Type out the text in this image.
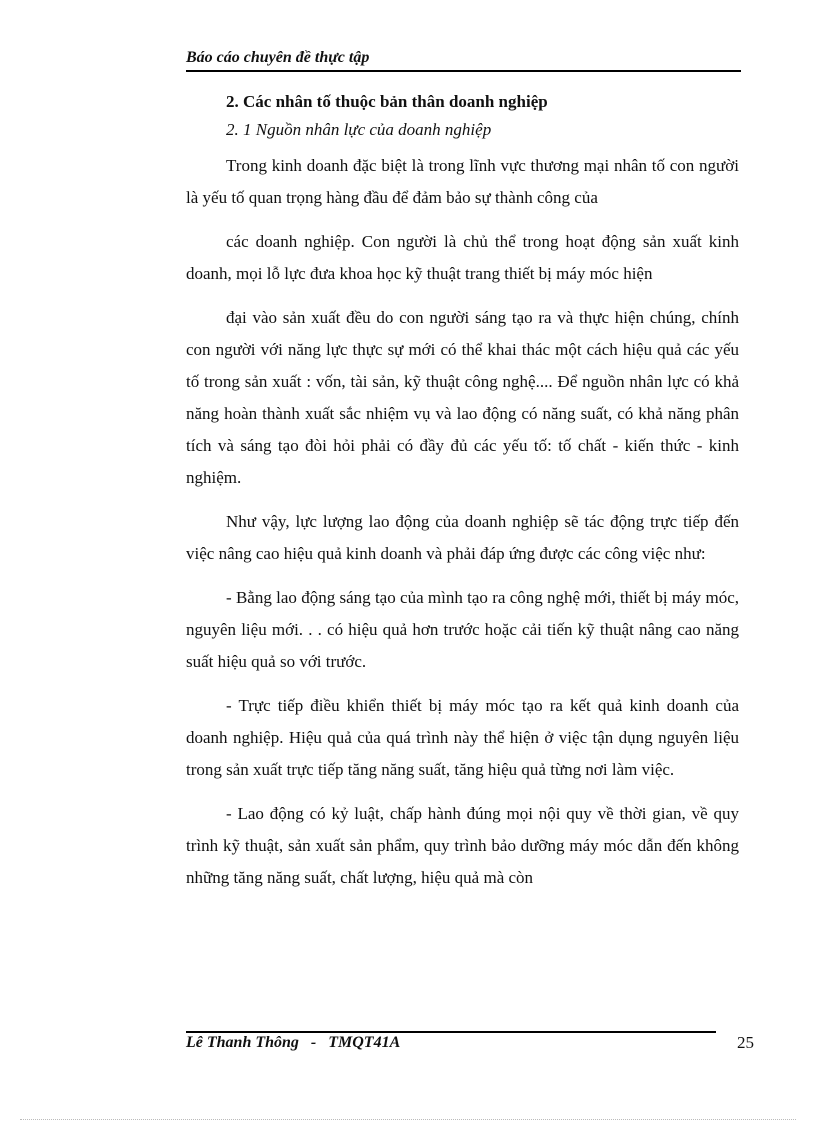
Báo cáo chuyên đề thực tập
2. Các nhân tố thuộc bản thân doanh nghiệp
2. 1 Nguồn nhân lực của doanh nghiệp

Trong kinh doanh đặc biệt là trong lĩnh vực thương mại nhân tố con người là yếu tố quan trọng hàng đầu để đảm bảo sự thành công của

các doanh nghiệp. Con người là chủ thể trong hoạt động sản xuất kinh doanh, mọi lỗ lực đưa khoa học kỹ thuật trang thiết bị máy móc hiện

đại vào sản xuất đều do con người sáng tạo ra và thực hiện chúng, chính con người với năng lực thực sự mới có thể khai thác một cách hiệu quả các yếu tố trong sản xuất : vốn, tài sản, kỹ thuật công nghệ.... Để nguồn nhân lực có khả năng hoàn thành xuất sắc nhiệm vụ và lao động có năng suất, có khả năng phân tích và sáng tạo đòi hỏi phải có đầy đủ các yếu tố: tố chất - kiến thức - kinh nghiệm.

Như vậy, lực lượng lao động của doanh nghiệp sẽ tác động trực tiếp đến việc nâng cao hiệu quả kinh doanh và phải đáp ứng được các công việc như:

- Bằng lao động sáng tạo của mình tạo ra công nghệ mới, thiết bị máy móc, nguyên liệu mới. . . có hiệu quả hơn trước hoặc cải tiến kỹ thuật nâng cao năng suất hiệu quả so với trước.

- Trực tiếp điều khiển thiết bị máy móc tạo ra kết quả kinh doanh của doanh nghiệp. Hiệu quả của quá trình này thể hiện ở việc tận dụng nguyên liệu trong sản xuất trực tiếp tăng năng suất, tăng hiệu quả từng nơi làm việc.

- Lao động có kỷ luật, chấp hành đúng mọi nội quy về thời gian, về quy trình kỹ thuật, sản xuất sản phẩm, quy trình bảo dưỡng máy móc dẫn đến không những tăng năng suất, chất lượng, hiệu quả mà còn

Lê Thanh Thông   -   TMQT41A	25
